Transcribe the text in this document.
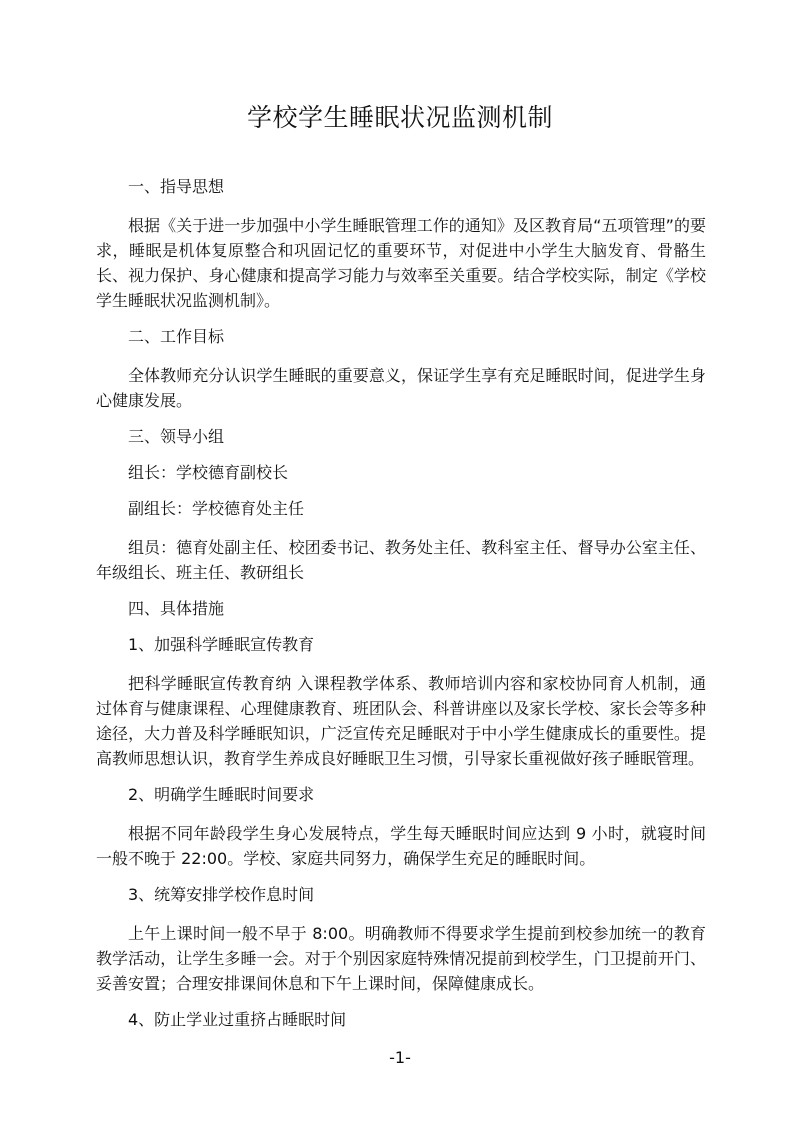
学校学生睡眠状况监测机制

一、指导思想

根据《关于进一步加强中小学生睡眠管理工作的通知》及区教育局“五项管理”的要求，睡眠是机体复原整合和巩固记忆的重要环节，对促进中小学生大脑发育、骨骼生长、视力保护、身心健康和提高学习能力与效率至关重要。结合学校实际，制定《学校学生睡眠状况监测机制》。

二、工作目标

全体教师充分认识学生睡眠的重要意义，保证学生享有充足睡眠时间，促进学生身心健康发展。

三、领导小组

组长：学校德育副校长

副组长：学校德育处主任

组员：德育处副主任、校团委书记、教务处主任、教科室主任、督导办公室主任、年级组长、班主任、教研组长

四、具体措施

1、加强科学睡眠宣传教育

把科学睡眠宣传教育纳 入课程教学体系、教师培训内容和家校协同育人机制，通过体育与健康课程、心理健康教育、班团队会、科普讲座以及家长学校、家长会等多种途径，大力普及科学睡眠知识，广泛宣传充足睡眠对于中小学生健康成长的重要性。提高教师思想认识，教育学生养成良好睡眠卫生习惯，引导家长重视做好孩子睡眠管理。

2、明确学生睡眠时间要求

根据不同年龄段学生身心发展特点，学生每天睡眠时间应达到 9 小时，就寝时间一般不晚于 22:00。学校、家庭共同努力，确保学生充足的睡眠时间。

3、统筹安排学校作息时间

上午上课时间一般不早于 8:00。明确教师不得要求学生提前到校参加统一的教育教学活动，让学生多睡一会。对于个别因家庭特殊情况提前到校学生，门卫提前开门、妥善安置；合理安排课间休息和下午上课时间，保障健康成长。

4、防止学业过重挤占睡眠时间

-1-
